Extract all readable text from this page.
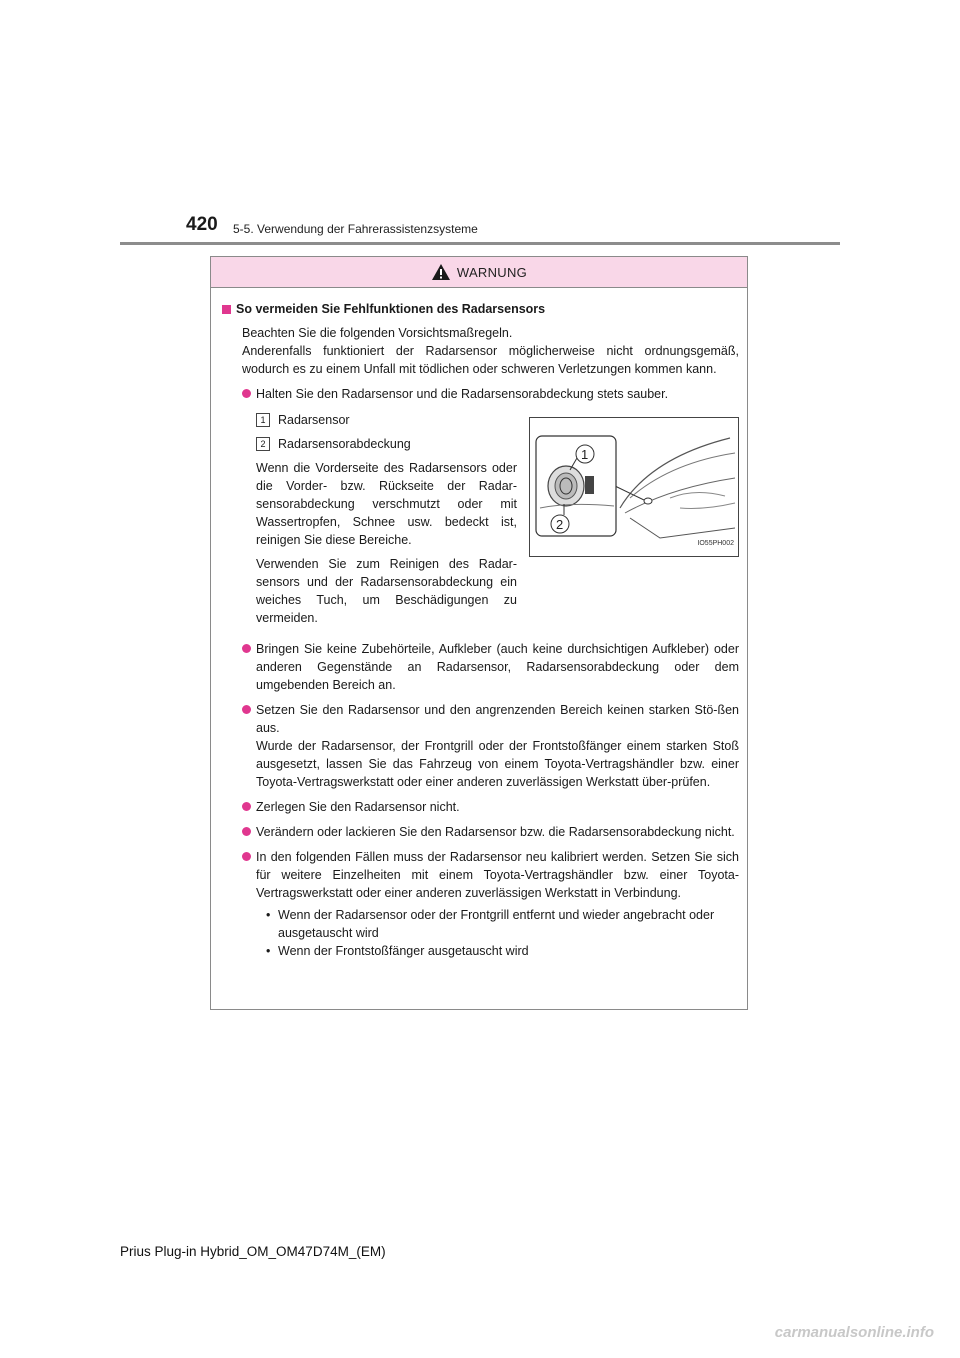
420 5-5. Verwendung der Fahrerassistenzsysteme
WARNUNG
So vermeiden Sie Fehlfunktionen des Radarsensors
Beachten Sie die folgenden Vorsichtsmaßregeln.
Anderenfalls funktioniert der Radarsensor möglicherweise nicht ordnungsgemäß, wodurch es zu einem Unfall mit tödlichen oder schweren Verletzungen kommen kann.
Halten Sie den Radarsensor und die Radarsensorabdeckung stets sauber.
1	Radarsensor
2	Radarsensorabdeckung
Wenn die Vorderseite des Radarsensors oder die Vorder- bzw. Rückseite der Radar-sensorabdeckung verschmutzt oder mit Wassertropfen, Schnee usw. bedeckt ist, reinigen Sie diese Bereiche.
Verwenden Sie zum Reinigen des Radar-sensors und der Radarsensorabdeckung ein weiches Tuch, um Beschädigungen zu vermeiden.
1
2
IO55PH002
Bringen Sie keine Zubehörteile, Aufkleber (auch keine durchsichtigen Aufkleber) oder anderen Gegenstände an Radarsensor, Radarsensorabdeckung oder dem umgebenden Bereich an.
Setzen Sie den Radarsensor und den angrenzenden Bereich keinen starken Stö-ßen aus.
Wurde der Radarsensor, der Frontgrill oder der Frontstoßfänger einem starken Stoß ausgesetzt, lassen Sie das Fahrzeug von einem Toyota-Vertragshändler bzw. einer Toyota-Vertragswerkstatt oder einer anderen zuverlässigen Werkstatt über-prüfen.
Zerlegen Sie den Radarsensor nicht.
Verändern oder lackieren Sie den Radarsensor bzw. die Radarsensorabdeckung nicht.
In den folgenden Fällen muss der Radarsensor neu kalibriert werden. Setzen Sie sich für weitere Einzelheiten mit einem Toyota-Vertragshändler bzw. einer Toyota-Vertragswerkstatt oder einer anderen zuverlässigen Werkstatt in Verbindung.
• Wenn der Radarsensor oder der Frontgrill entfernt und wieder angebracht oder ausgetauscht wird
• Wenn der Frontstoßfänger ausgetauscht wird
Prius Plug-in Hybrid_OM_OM47D74M_(EM)
carmanualsonline.info
